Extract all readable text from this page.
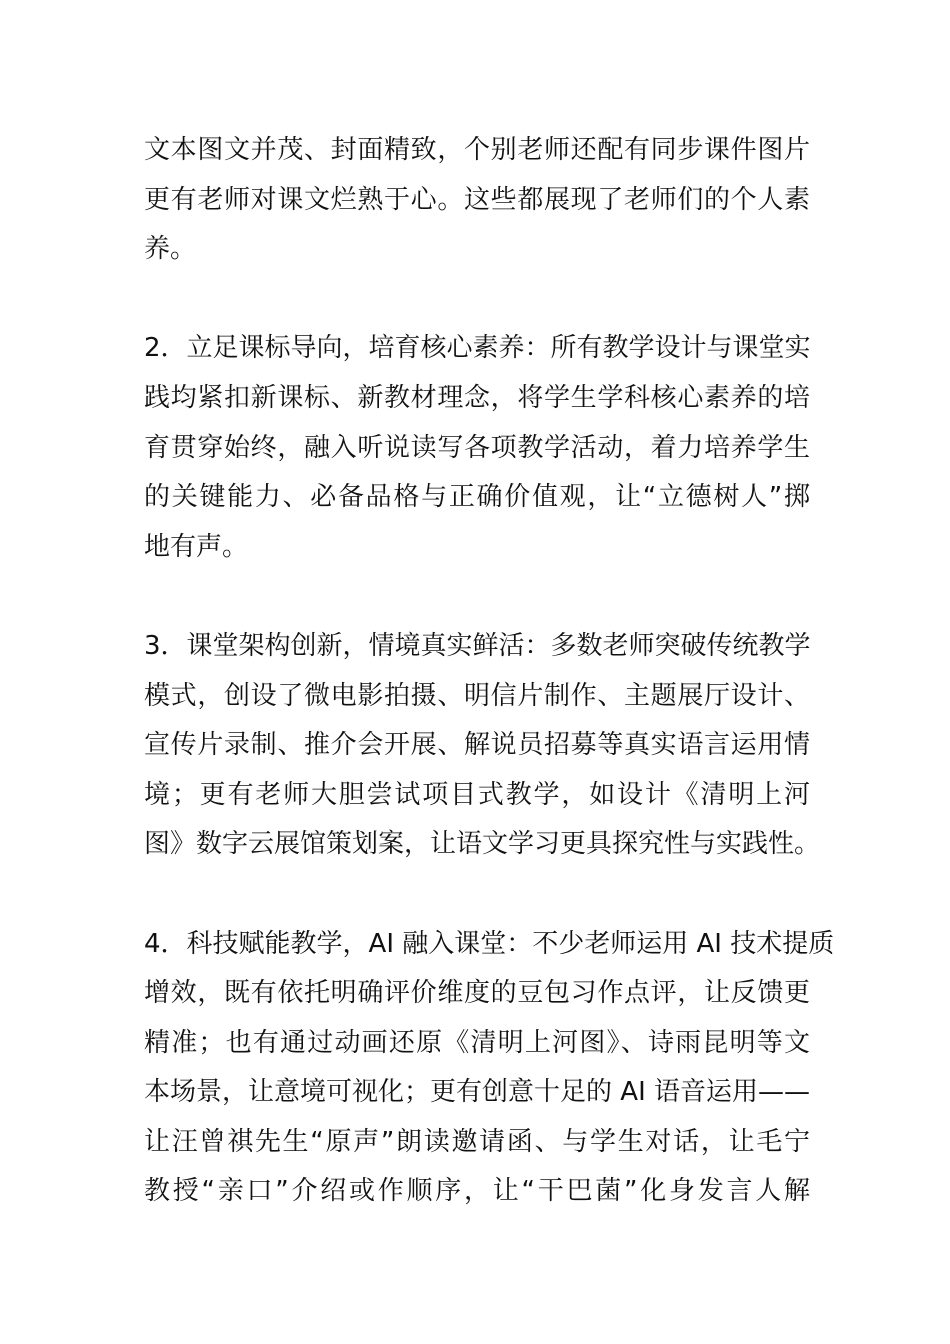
文本图文并茂、封面精致，个别老师还配有同步课件图片
更有老师对课文烂熟于心。这些都展现了老师们的个人素
养。
2．立足课标导向，培育核心素养：所有教学设计与课堂实
践均紧扣新课标、新教材理念，将学生学科核心素养的培
育贯穿始终，融入听说读写各项教学活动，着力培养学生
的关键能力、必备品格与正确价值观，让“立德树人”掷
地有声。
3．课堂架构创新，情境真实鲜活：多数老师突破传统教学
模式，创设了微电影拍摄、明信片制作、主题展厅设计、
宣传片录制、推介会开展、解说员招募等真实语言运用情
境；更有老师大胆尝试项目式教学，如设计《清明上河
图》数字云展馆策划案，让语文学习更具探究性与实践性。
4．科技赋能教学，AI 融入课堂：不少老师运用 AI 技术提质
增效，既有依托明确评价维度的豆包习作点评，让反馈更
精准；也有通过动画还原《清明上河图》、诗雨昆明等文
本场景，让意境可视化；更有创意十足的 AI 语音运用——
让汪曾祺先生“原声”朗读邀请函、与学生对话，让毛宁
教授“亲口”介绍或作顺序，让“干巴菌”化身发言人解
